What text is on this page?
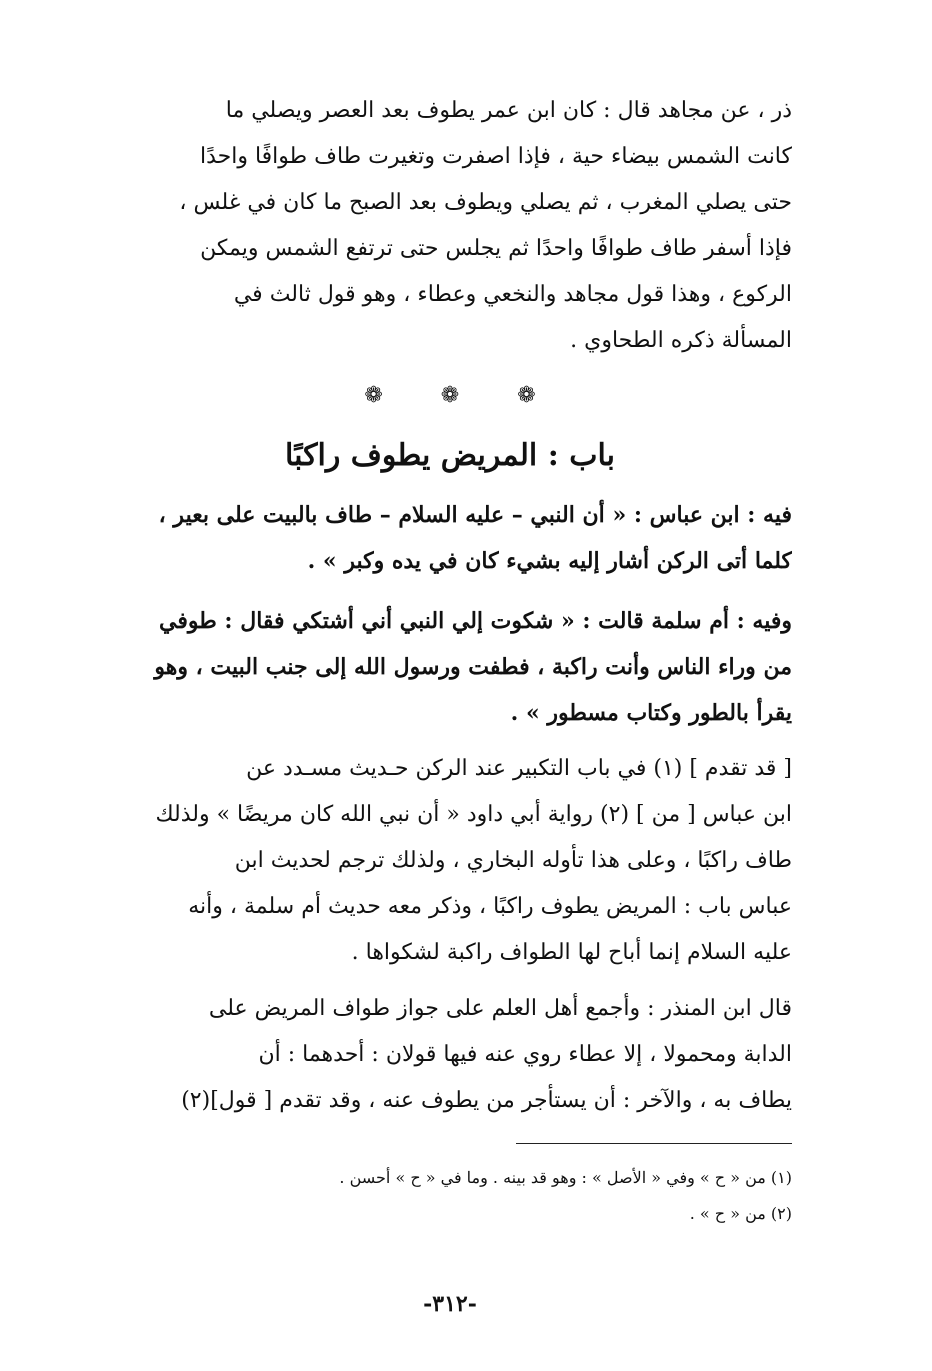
ذر ، عن مجاهد قال : كان ابن عمر يطوف بعد العصر ويصلي ما
كانت الشمس بيضاء حية ، فإذا اصفرت وتغيرت طاف طوافًا واحدًا
حتى يصلي المغرب ، ثم يصلي ويطوف بعد الصبح ما كان في غلس ،
فإذا أسفر طاف طوافًا واحدًا ثم يجلس حتى ترتفع الشمس ويمكن
الركوع ، وهذا قول مجاهد والنخعي وعطاء ، وهو قول ثالث في
المسألة ذكره الطحاوي .
❁
❁
❁
باب : المريض يطوف راكبًا
فيه : ابن عباس : « أن النبي – عليه السلام – طاف بالبيت على بعير ،
كلما أتى الركن أشار إليه بشيء كان في يده وكبر » .
وفيه : أم سلمة قالت : « شكوت إلي النبي أني أشتكي فقال : طوفي
من وراء الناس وأنت راكبة ، فطفت ورسول الله إلى جنب البيت ، وهو
يقرأ بالطور وكتاب مسطور » .
[ قد تقدم ] (١) في باب التكبير عند الركن حـديث مسـدد عن
ابن عباس [ من ] (٢) رواية أبي داود « أن نبي الله كان مريضًا » ولذلك
طاف راكبًا ، وعلى هذا تأوله البخاري ، ولذلك ترجم لحديث ابن
عباس باب : المريض يطوف راكبًا ، وذكر معه حديث أم سلمة ، وأنه
عليه السلام إنما أباح لها الطواف راكبة لشكواها .
قال ابن المنذر : وأجمع أهل العلم على جواز طواف المريض على
الدابة ومحمولا ، إلا عطاء روي عنه فيها قولان : أحدهما : أن
يطاف به ، والآخر : أن يستأجر من يطوف عنه ، وقد تقدم [ قول](٢)
(١) من « ح » وفي « الأصل » : وهو قد بينه . وما في « ح » أحسن .
(٢) من « ح » .
-٣١٢-
